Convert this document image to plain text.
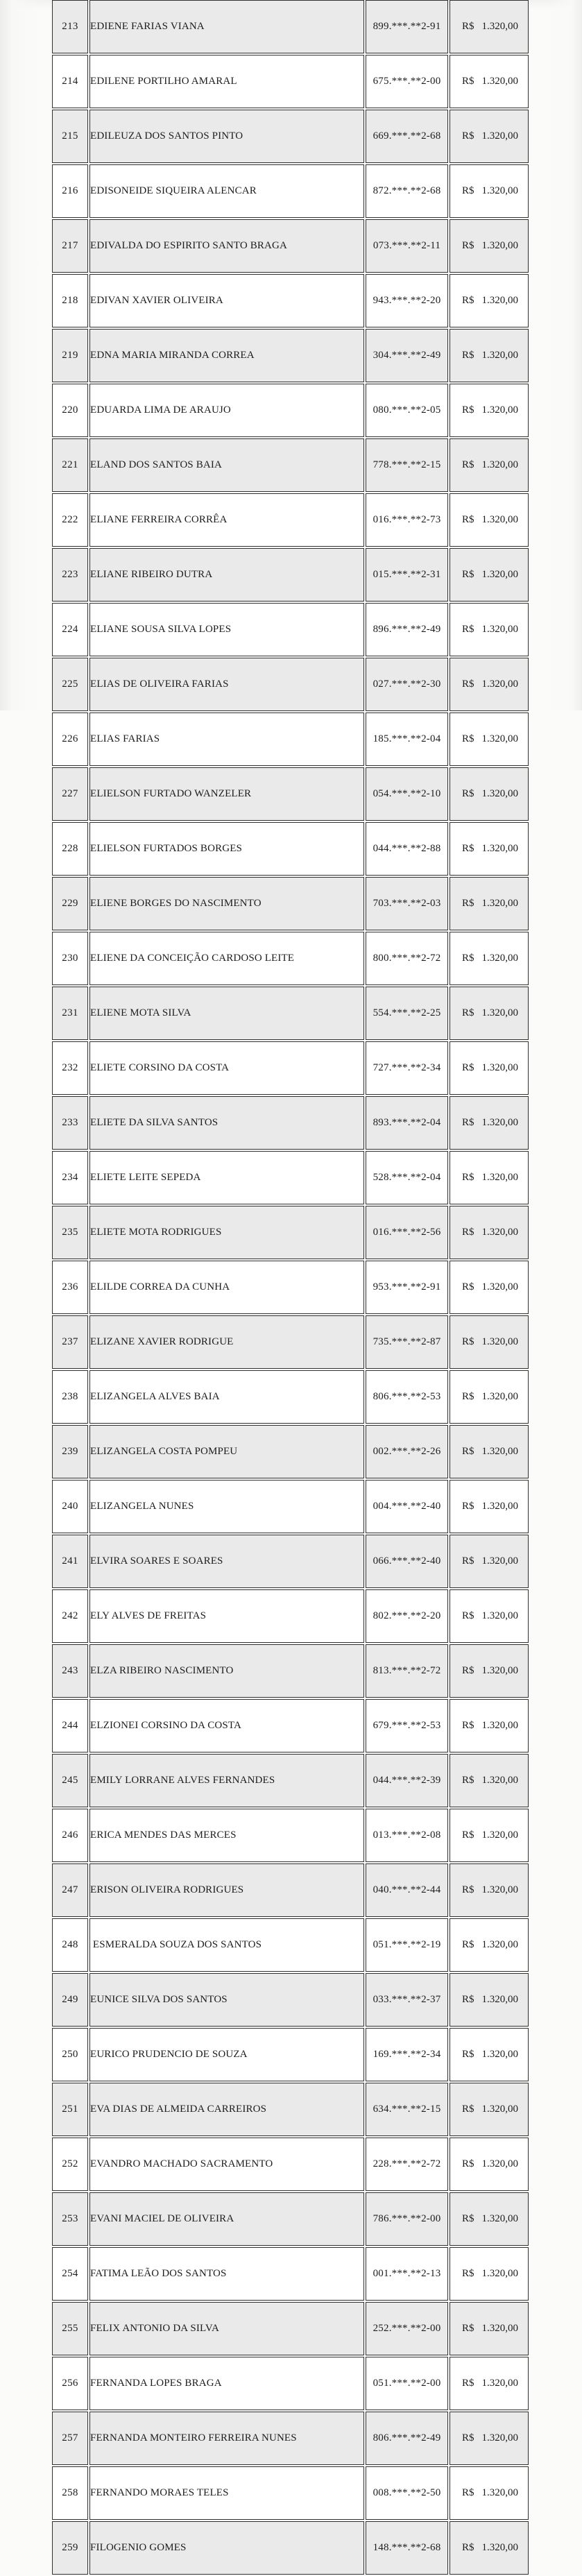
213	EDIENE FARIAS VIANA	899.***.**2-91	R$ 1.320,00

214	EDILENE PORTILHO AMARAL	675.***.**2-00	R$ 1.320,00

215	EDILEUZA DOS SANTOS PINTO	669.***.**2-68	R$ 1.320,00

216	EDISONEIDE SIQUEIRA ALENCAR	872.***.**2-68	R$ 1.320,00

217	EDIVALDA DO ESPIRITO SANTO BRAGA	073.***.**2-11	R$ 1.320,00

218	EDIVAN XAVIER OLIVEIRA	943.***.**2-20	R$ 1.320,00

219	EDNA MARIA MIRANDA CORREA	304.***.**2-49	R$ 1.320,00

220	EDUARDA LIMA DE ARAUJO	080.***.**2-05	R$ 1.320,00

221	ELAND DOS SANTOS BAIA	778.***.**2-15	R$ 1.320,00

222	ELIANE FERREIRA CORRÊA	016.***.**2-73	R$ 1.320,00

223	ELIANE RIBEIRO DUTRA	015.***.**2-31	R$ 1.320,00

224	ELIANE SOUSA SILVA LOPES	896.***.**2-49	R$ 1.320,00

225	ELIAS DE OLIVEIRA FARIAS	027.***.**2-30	R$ 1.320,00

226	ELIAS FARIAS	185.***.**2-04	R$ 1.320,00

227	ELIELSON FURTADO WANZELER	054.***.**2-10	R$ 1.320,00

228	ELIELSON FURTADOS BORGES	044.***.**2-88	R$ 1.320,00

229	ELIENE BORGES DO NASCIMENTO	703.***.**2-03	R$ 1.320,00

230	ELIENE DA CONCEIÇÃO CARDOSO LEITE	800.***.**2-72	R$ 1.320,00

231	ELIENE MOTA SILVA	554.***.**2-25	R$ 1.320,00

232	ELIETE CORSINO DA COSTA	727.***.**2-34	R$ 1.320,00

233	ELIETE DA SILVA SANTOS	893.***.**2-04	R$ 1.320,00

234	ELIETE LEITE SEPEDA	528.***.**2-04	R$ 1.320,00

235	ELIETE MOTA RODRIGUES	016.***.**2-56	R$ 1.320,00

236	ELILDE CORREA DA CUNHA	953.***.**2-91	R$ 1.320,00

237	ELIZANE XAVIER RODRIGUE	735.***.**2-87	R$ 1.320,00

238	ELIZANGELA ALVES BAIA	806.***.**2-53	R$ 1.320,00

239	ELIZANGELA COSTA POMPEU	002.***.**2-26	R$ 1.320,00

240	ELIZANGELA NUNES	004.***.**2-40	R$ 1.320,00

241	ELVIRA SOARES E SOARES	066.***.**2-40	R$ 1.320,00

242	ELY ALVES DE FREITAS	802.***.**2-20	R$ 1.320,00

243	ELZA RIBEIRO NASCIMENTO	813.***.**2-72	R$ 1.320,00

244	ELZIONEI CORSINO DA COSTA	679.***.**2-53	R$ 1.320,00

245	EMILY LORRANE ALVES FERNANDES	044.***.**2-39	R$ 1.320,00

246	ERICA MENDES DAS MERCES	013.***.**2-08	R$ 1.320,00

247	ERISON OLIVEIRA RODRIGUES	040.***.**2-44	R$ 1.320,00

248	ESMERALDA SOUZA DOS SANTOS	051.***.**2-19	R$ 1.320,00

249	EUNICE SILVA DOS SANTOS	033.***.**2-37	R$ 1.320,00

250	EURICO PRUDENCIO DE SOUZA	169.***.**2-34	R$ 1.320,00

251	EVA DIAS DE ALMEIDA CARREIROS	634.***.**2-15	R$ 1.320,00

252	EVANDRO MACHADO SACRAMENTO	228.***.**2-72	R$ 1.320,00

253	EVANI MACIEL DE OLIVEIRA	786.***.**2-00	R$ 1.320,00

254	FATIMA LEÃO DOS SANTOS	001.***.**2-13	R$ 1.320,00

255	FELIX ANTONIO DA SILVA	252.***.**2-00	R$ 1.320,00

256	FERNANDA LOPES BRAGA	051.***.**2-00	R$ 1.320,00

257	FERNANDA MONTEIRO FERREIRA NUNES	806.***.**2-49	R$ 1.320,00

258	FERNANDO MORAES TELES	008.***.**2-50	R$ 1.320,00

259	FILOGENIO GOMES	148.***.**2-68	R$ 1.320,00
